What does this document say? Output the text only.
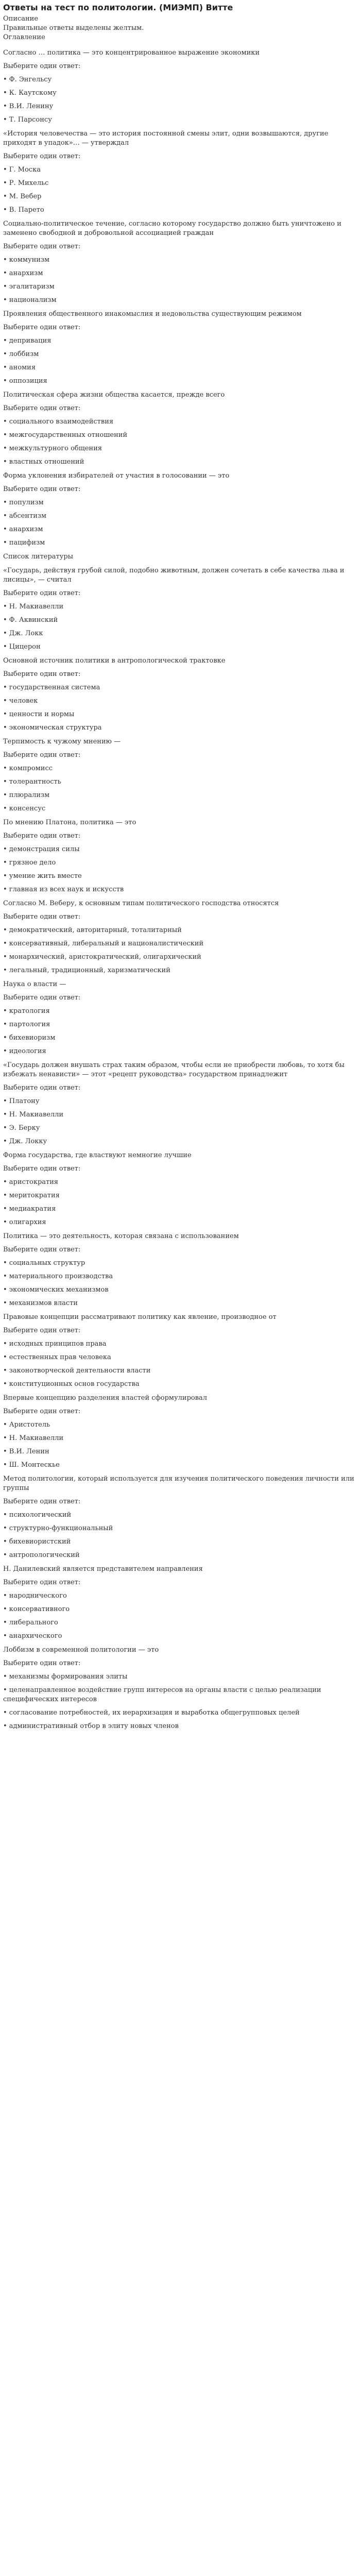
Ответы на тест по политологии. (МИЭМП) Витте
Описание
Правильные ответы выделены желтым.
Оглавление
Согласно … политика — это концентрированное выражение экономики
Выберите один ответ:
• Ф. Энгельсу
• К. Каутскому
• В.И. Ленину
• Т. Парсонсу
«История человечества — это история постоянной смены элит, одни возвышаются, другие приходят в упадок»… — утверждал
Выберите один ответ:
• Г. Моска
• Р. Михельс
• М. Вебер
• В. Парето
Социально-политическое течение, согласно которому государство должно быть уничтожено и заменено свободной и добровольной ассоциацией граждан
Выберите один ответ:
• коммунизм
• анархизм
• эгалитаризм
• национализм
Проявления общественного инакомыслия и недовольства существующим режимом
Выберите один ответ:
• депривация
• лоббизм
• аномия
• оппозиция
Политическая сфера жизни общества касается, прежде всего
Выберите один ответ:
• социального взаимодействия
• межгосударственных отношений
• межкультурного общения
• властных отношений
Форма уклонения избирателей от участия в голосовании — это
Выберите один ответ:
• популизм
• абсентизм
• анархизм
• пацифизм
Список литературы
«Государь, действуя грубой силой, подобно животным, должен сочетать в себе качества льва и лисицы», — считал
Выберите один ответ:
• Н. Макиавелли
• Ф. Аквинский
• Дж. Локк
• Цицерон
Основной источник политики в антропологической трактовке
Выберите один ответ:
• государственная система
• человек
• ценности и нормы
• экономическая структура
Терпимость к чужому мнению —
Выберите один ответ:
• компромисс
• толерантность
• плюрализм
• консенсус
По мнению Платона, политика — это
Выберите один ответ:
• демонстрация силы
• грязное дело
• умение жить вместе
• главная из всех наук и искусств
Согласно М. Веберу, к основным типам политического господства относятся
Выберите один ответ:
• демократический, авторитарный, тоталитарный
• консервативный, либеральный и националистический
• монархический, аристократический, олигархический
• легальный, традиционный, харизматический
Наука о власти —
Выберите один ответ:
• кратология
• партология
• бихевиоризм
• идеология
«Государь должен внушать страх таким образом, чтобы если не приобрести любовь, то хотя бы избежать ненависти» — этот «рецепт руководства» государством принадлежит
Выберите один ответ:
• Платону
• Н. Макиавелли
• Э. Берку
• Дж. Локку
Форма государства, где властвуют немногие лучшие
Выберите один ответ:
• аристократия
• меритократия
• медиакратия
• олигархия
Политика — это деятельность, которая связана с использованием
Выберите один ответ:
• социальных структур
• материального производства
• экономических механизмов
• механизмов власти
Правовые концепции рассматривают политику как явление, производное от
Выберите один ответ:
• исходных принципов права
• естественных прав человека
• законотворческой деятельности власти
• конституционных основ государства
Впервые концепцию разделения властей сформулировал
Выберите один ответ:
• Аристотель
• Н. Макиавелли
• В.И. Ленин
• Ш. Монтескье
Метод политологии, который используется для изучения политического поведения личности или группы
Выберите один ответ:
• психологический
• структурно-функциональный
• бихевиористский
• антропологический
Н. Данилевский является представителем направления
Выберите один ответ:
• народнического
• консервативного
• либерального
• анархического
Лоббизм в современной политологии — это
Выберите один ответ:
• механизмы формирования элиты
• целенаправленное воздействие групп интересов на органы власти с целью реализации специфических интересов
• согласование потребностей, их иерархизация и выработка общегрупповых целей
• административный отбор в элиту новых членов
